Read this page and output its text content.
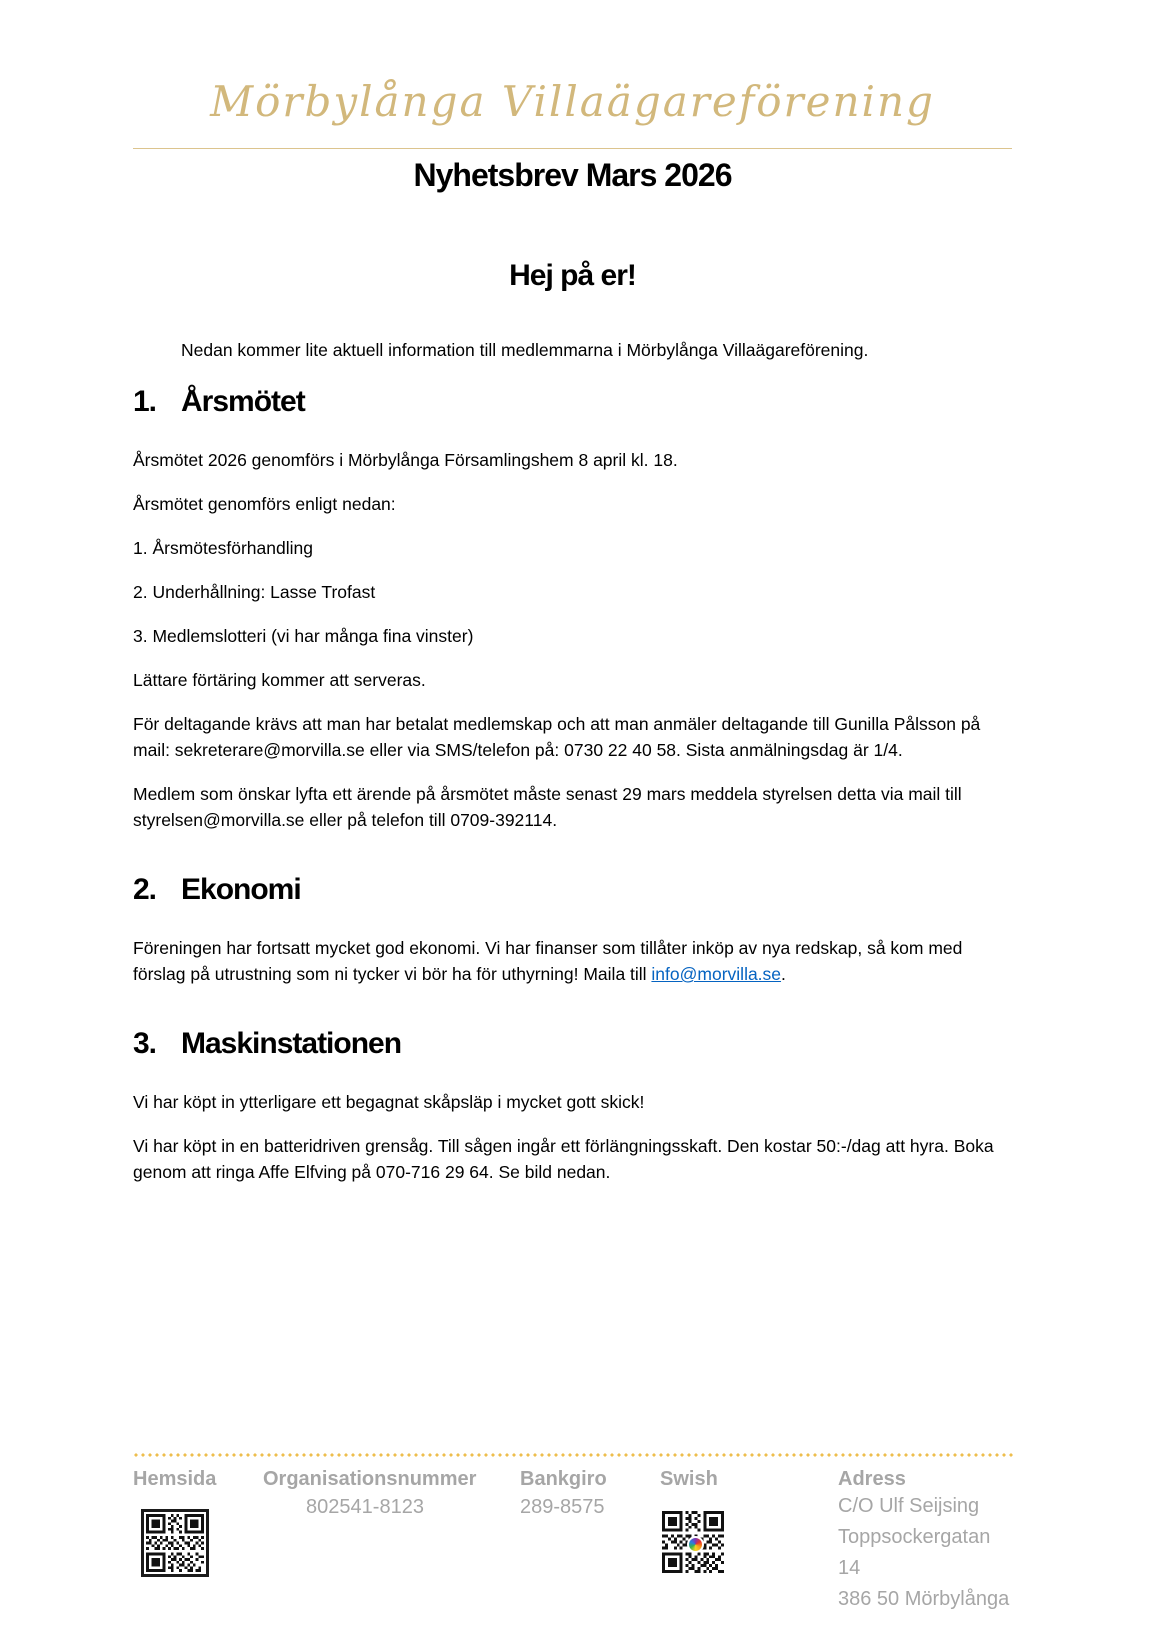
Mörbylånga Villaägareförening
Nyhetsbrev Mars 2026
Hej på er!

Nedan kommer lite aktuell information till medlemmarna i Mörbylånga Villaägareförening.

1. Årsmötet

Årsmötet 2026 genomförs i Mörbylånga Församlingshem 8 april kl. 18.

Årsmötet genomförs enligt nedan:

1. Årsmötesförhandling

2. Underhållning: Lasse Trofast

3. Medlemslotteri (vi har många fina vinster)

Lättare förtäring kommer att serveras.

För deltagande krävs att man har betalat medlemskap och att man anmäler deltagande till Gunilla Pålsson på mail: sekreterare@morvilla.se eller via SMS/telefon på: 0730 22 40 58. Sista anmälningsdag är 1/4.

Medlem som önskar lyfta ett ärende på årsmötet måste senast 29 mars meddela styrelsen detta via mail till styrelsen@morvilla.se eller på telefon till 0709-392114.

2. Ekonomi

Föreningen har fortsatt mycket god ekonomi. Vi har finanser som tillåter inköp av nya redskap, så kom med förslag på utrustning som ni tycker vi bör ha för uthyrning! Maila till info@morvilla.se.

3. Maskinstationen

Vi har köpt in ytterligare ett begagnat skåpsläp i mycket gott skick!

Vi har köpt in en batteridriven grensåg. Till sågen ingår ett förlängningsskaft. Den kostar 50:-/dag att hyra. Boka genom att ringa Affe Elfving på 070-716 29 64. Se bild nedan.

Hemsida	Organisationsnummer
802541-8123
Bankgiro
289-8575
Swish	Adress
C/O Ulf Seijsing
Toppsockergatan 14
386 50 Mörbylånga
